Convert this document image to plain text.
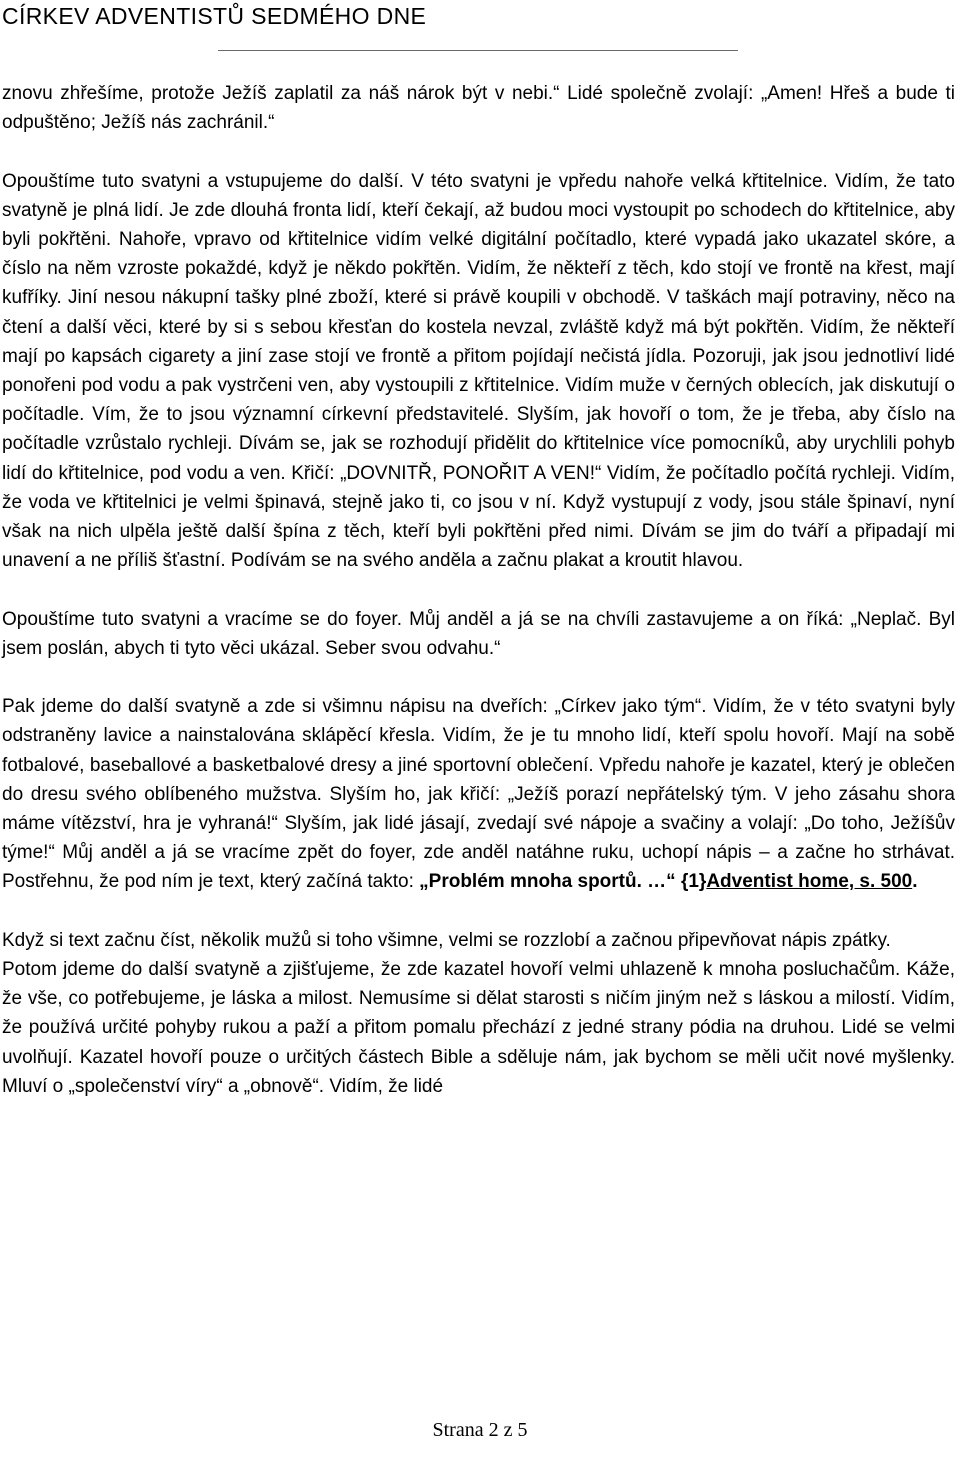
CÍRKEV ADVENTISTŮ SEDMÉHO DNE

znovu zhřešíme, protože Ježíš zaplatil za náš nárok být v nebi.“ Lidé společně zvolají: „Amen! Hřeš a bude ti odpuštěno; Ježíš nás zachránil.“

Opouštíme tuto svatyni a vstupujeme do další. V této svatyni je vpředu nahoře velká křtitelnice. Vidím, že tato svatyně je plná lidí. Je zde dlouhá fronta lidí, kteří čekají, až budou moci vystoupit po schodech do křtitelnice, aby byli pokřtěni. Nahoře, vpravo od křtitelnice vidím velké digitální počítadlo, které vypadá jako ukazatel skóre, a číslo na něm vzroste pokaždé, když je někdo pokřtěn. Vidím, že někteří z těch, kdo stojí ve frontě na křest, mají kufříky. Jiní nesou nákupní tašky plné zboží, které si právě koupili v obchodě. V taškách mají potraviny, něco na čtení a další věci, které by si s sebou křesťan do kostela nevzal, zvláště když má být pokřtěn. Vidím, že někteří mají po kapsách cigarety a jiní zase stojí ve frontě a přitom pojídají nečistá jídla. Pozoruji, jak jsou jednotliví lidé ponořeni pod vodu a pak vystrčeni ven, aby vystoupili z křtitelnice. Vidím muže v černých oblecích, jak diskutují o počítadle. Vím, že to jsou významní církevní představitelé. Slyším, jak hovoří o tom, že je třeba, aby číslo na počítadle vzrůstalo rychleji. Dívám se, jak se rozhodují přidělit do křtitelnice více pomocníků, aby urychlili pohyb lidí do křtitelnice, pod vodu a ven. Křičí: „DOVNITŘ, PONOŘIT A VEN!“ Vidím, že počítadlo počítá rychleji. Vidím, že voda ve křtitelnici je velmi špinavá, stejně jako ti, co jsou v ní. Když vystupují z vody, jsou stále špinaví, nyní však na nich ulpěla ještě další špína z těch, kteří byli pokřtěni před nimi. Dívám se jim do tváří a připadají mi unavení a ne příliš šťastní. Podívám se na svého anděla a začnu plakat a kroutit hlavou.

Opouštíme tuto svatyni a vracíme se do foyer. Můj anděl a já se na chvíli zastavujeme a on říká: „Neplač. Byl jsem poslán, abych ti tyto věci ukázal. Seber svou odvahu.“

Pak jdeme do další svatyně a zde si všimnu nápisu na dveřích: „Církev jako tým“. Vidím, že v této svatyni byly odstraněny lavice a nainstalována sklápěcí křesla. Vidím, že je tu mnoho lidí, kteří spolu hovoří. Mají na sobě fotbalové, baseballové a basketbalové dresy a jiné sportovní oblečení. Vpředu nahoře je kazatel, který je oblečen do dresu svého oblíbeného mužstva. Slyším ho, jak křičí: „Ježíš porazí nepřátelský tým. V jeho zásahu shora máme vítězství, hra je vyhraná!“ Slyším, jak lidé jásají, zvedají své nápoje a svačiny a volají: „Do toho, Ježíšův týme!“ Můj anděl a já se vracíme zpět do foyer, zde anděl natáhne ruku, uchopí nápis – a začne ho strhávat. Postřehnu, že pod ním je text, který začíná takto: „Problém mnoha sportů. …“ {1}Adventist home, s. 500.

Když si text začnu číst, několik mužů si toho všimne, velmi se rozzlobí a začnou připevňovat nápis zpátky.

Potom jdeme do další svatyně a zjišťujeme, že zde kazatel hovoří velmi uhlazeně k mnoha posluchačům. Káže, že vše, co potřebujeme, je láska a milost. Nemusíme si dělat starosti s ničím jiným než s láskou a milostí. Vidím, že používá určité pohyby rukou a paží a přitom pomalu přechází z jedné strany pódia na druhou. Lidé se velmi uvolňují. Kazatel hovoří pouze o určitých částech Bible a sděluje nám, jak bychom se měli učit nové myšlenky. Mluví o „společenství víry“ a „obnově“. Vidím, že lidé

Strana 2 z 5
